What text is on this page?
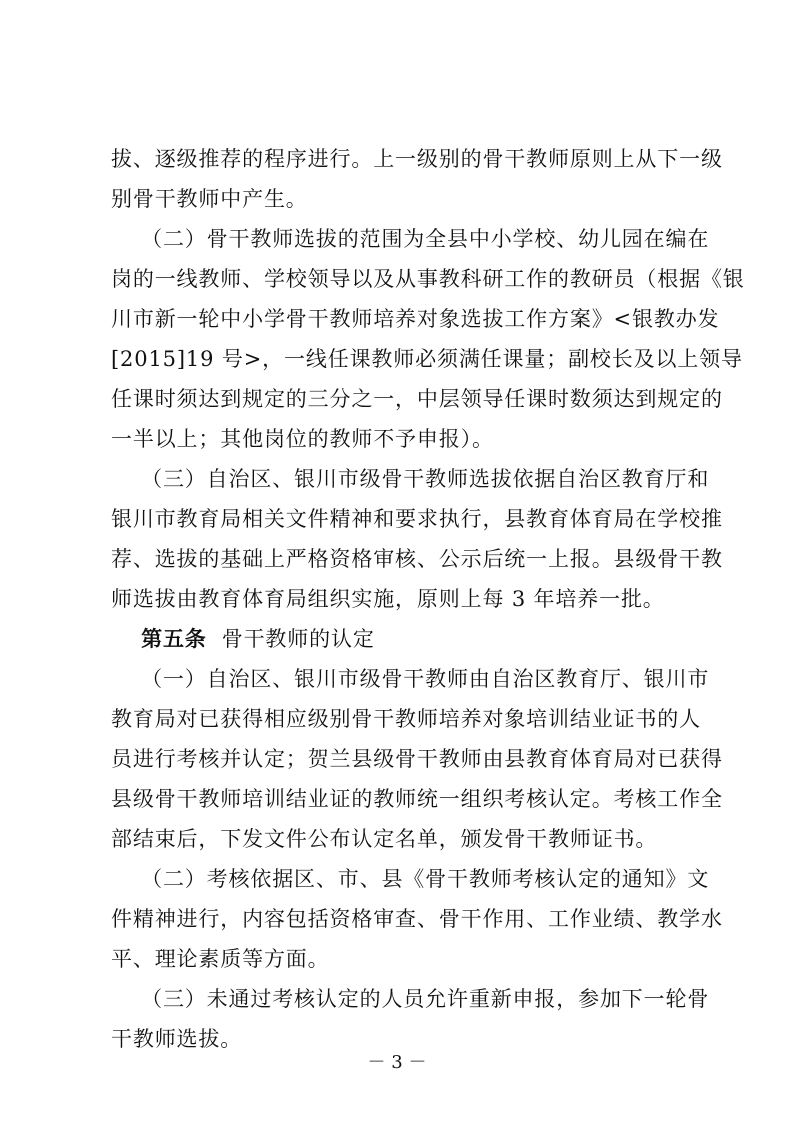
拔、逐级推荐的程序进行。上一级别的骨干教师原则上从下一级
别骨干教师中产生。
（二）骨干教师选拔的范围为全县中小学校、幼儿园在编在
岗的一线教师、学校领导以及从事教科研工作的教研员（根据《银
川市新一轮中小学骨干教师培养对象选拔工作方案》<银教办发
[2015]19 号>，一线任课教师必须满任课量；副校长及以上领导
任课时须达到规定的三分之一，中层领导任课时数须达到规定的
一半以上；其他岗位的教师不予申报）。
（三）自治区、银川市级骨干教师选拔依据自治区教育厅和
银川市教育局相关文件精神和要求执行，县教育体育局在学校推
荐、选拔的基础上严格资格审核、公示后统一上报。县级骨干教
师选拔由教育体育局组织实施，原则上每 3 年培养一批。
第五条 骨干教师的认定
（一）自治区、银川市级骨干教师由自治区教育厅、银川市
教育局对已获得相应级别骨干教师培养对象培训结业证书的人
员进行考核并认定；贺兰县级骨干教师由县教育体育局对已获得
县级骨干教师培训结业证的教师统一组织考核认定。考核工作全
部结束后，下发文件公布认定名单，颁发骨干教师证书。
（二）考核依据区、市、县《骨干教师考核认定的通知》文
件精神进行，内容包括资格审查、骨干作用、工作业绩、教学水
平、理论素质等方面。
（三）未通过考核认定的人员允许重新申报，参加下一轮骨
干教师选拔。
－ 3 －
